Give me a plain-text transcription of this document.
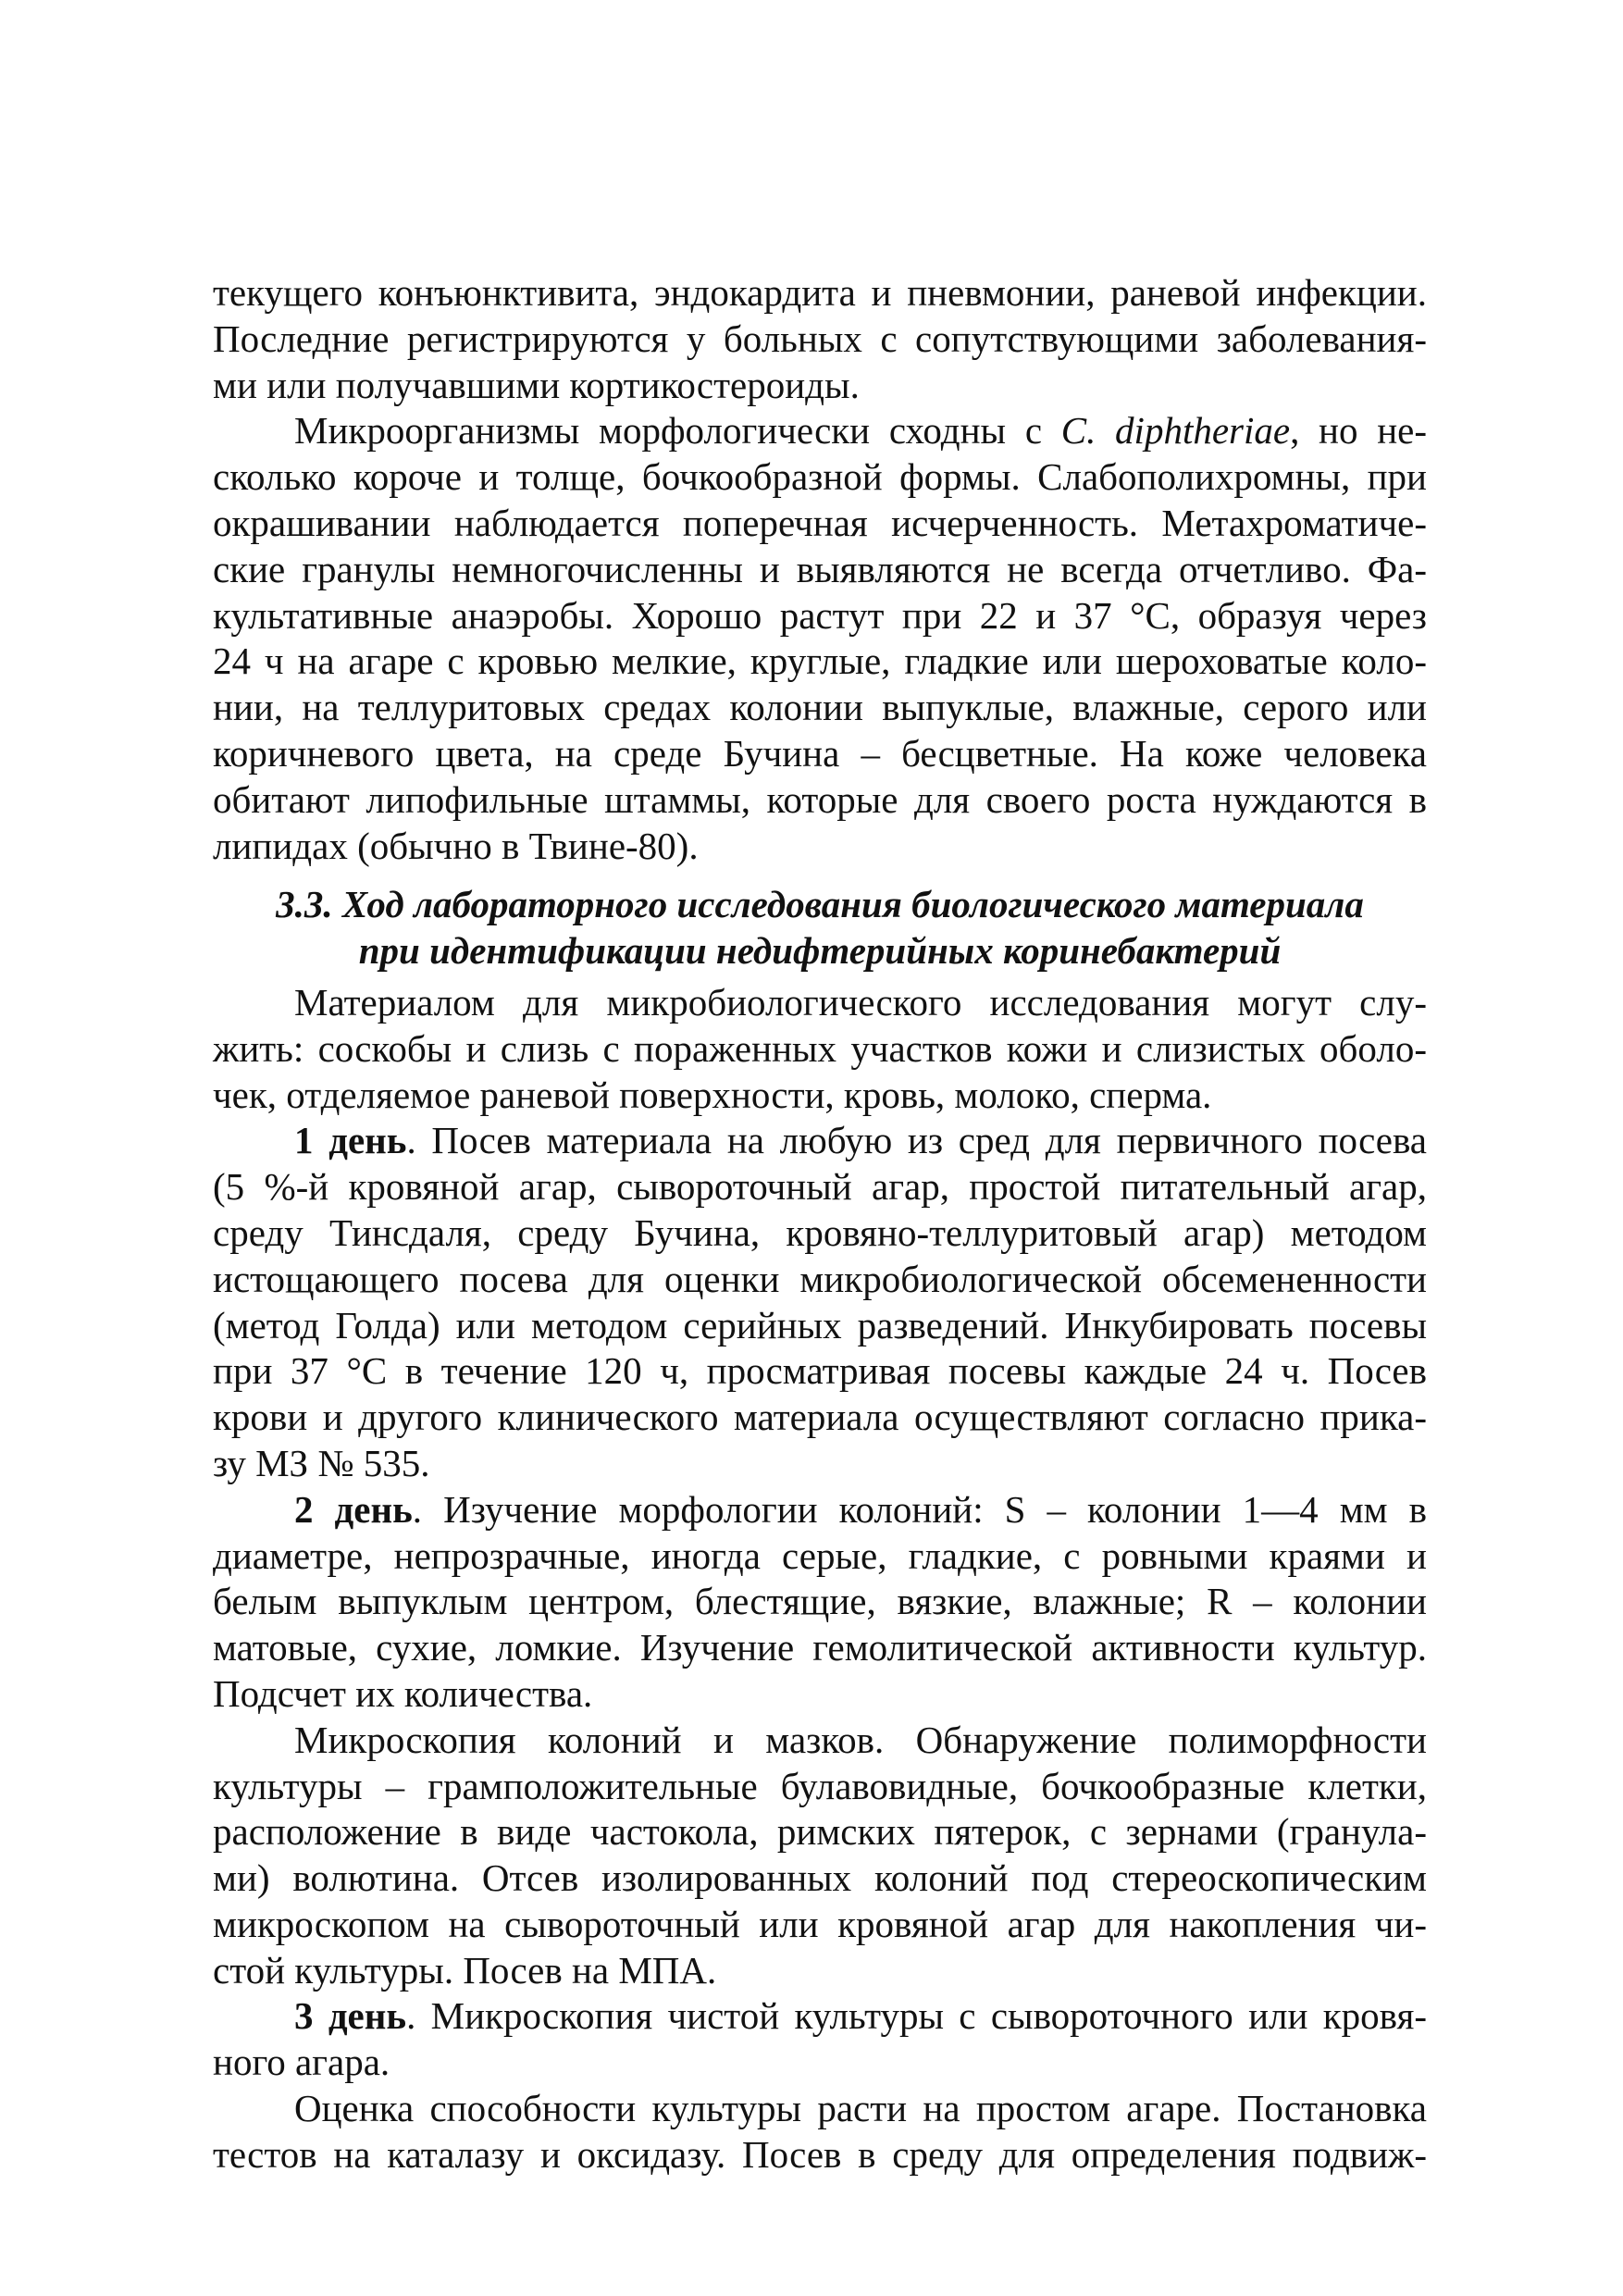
текущего конъюнктивита, эндокардита и пневмонии, раневой инфекции.
Последние регистрируются у больных с сопутствующими заболевания-
ми или получавшими кортикостероиды.
Микроорганизмы морфологически сходны с C. diphtheriae, но не-
сколько короче и толще, бочкообразной формы. Слабополихромны, при
окрашивании наблюдается поперечная исчерченность. Метахроматиче-
ские гранулы немногочисленны и выявляются не всегда отчетливо. Фа-
культативные анаэробы. Хорошо растут при 22 и 37 °С, образуя через
24 ч на агаре с кровью мелкие, круглые, гладкие или шероховатые коло-
нии, на теллуритовых средах колонии выпуклые, влажные, серого или
коричневого цвета, на среде Бучина – бесцветные. На коже человека
обитают липофильные штаммы, которые для своего роста нуждаются в
липидах (обычно в Твине-80).
3.3. Ход лабораторного исследования биологического материала
при идентификации недифтерийных коринебактерий
Материалом для микробиологического исследования могут слу-
жить: соскобы и слизь с пораженных участков кожи и слизистых оболо-
чек, отделяемое раневой поверхности, кровь, молоко, сперма.
1 день. Посев материала на любую из сред для первичного посева
(5 %-й кровяной агар, сывороточный агар, простой питательный агар,
среду Тинсдаля, среду Бучина, кровяно-теллуритовый агар) методом
истощающего посева для оценки микробиологической обсемененности
(метод Голда) или методом серийных разведений. Инкубировать посевы
при 37 °С в течение 120 ч, просматривая посевы каждые 24 ч. Посев
крови и другого клинического материала осуществляют согласно прика-
зу МЗ № 535.
2 день. Изучение морфологии колоний: S – колонии 1—4 мм в
диаметре, непрозрачные, иногда серые, гладкие, с ровными краями и
белым выпуклым центром, блестящие, вязкие, влажные; R – колонии
матовые, сухие, ломкие. Изучение гемолитической активности культур.
Подсчет их количества.
Микроскопия колоний и мазков. Обнаружение полиморфности
культуры – грамположительные булавовидные, бочкообразные клетки,
расположение в виде частокола, римских пятерок, с зернами (гранула-
ми) волютина. Отсев изолированных колоний под стереоскопическим
микроскопом на сывороточный или кровяной агар для накопления чи-
стой культуры. Посев на МПА.
3 день. Микроскопия чистой культуры с сывороточного или кровя-
ного агара.
Оценка способности культуры расти на простом агаре. Постановка
тестов на каталазу и оксидазу. Посев в среду для определения подвиж-
